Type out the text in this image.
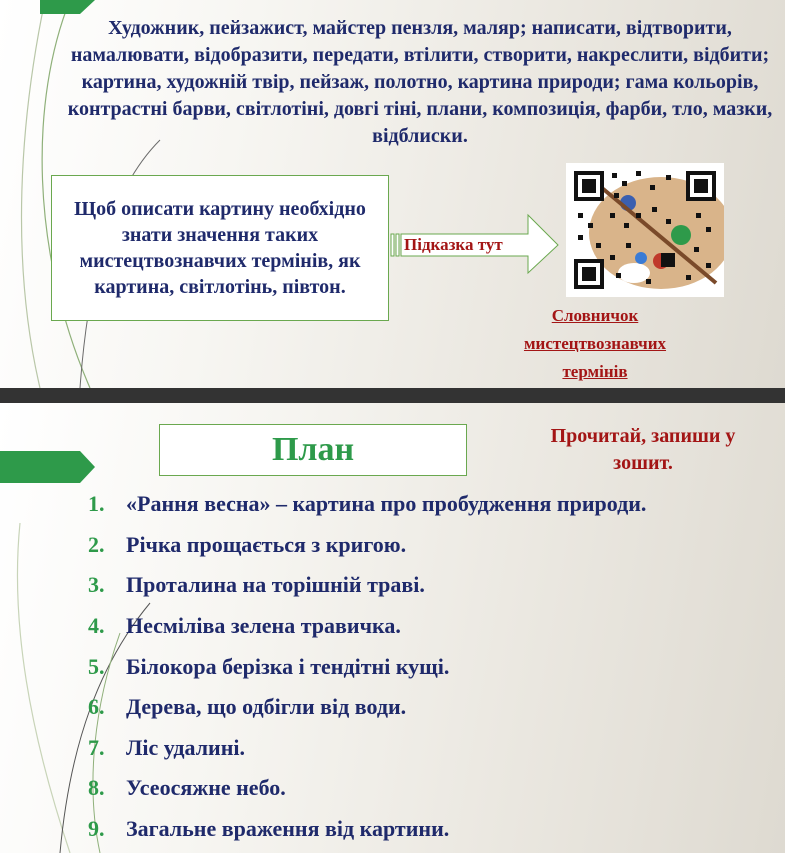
Художник, пейзажист, майстер пензля, маляр; написати, відтворити, намалювати, відобразити, передати, втілити, створити, накреслити, відбити; картина, художній твір, пейзаж, полотно, картина природи; гама кольорів, контрастні барви, світлотіні, довгі тіні, плани, композиція, фарби, тло, мазки, відблиски.
Щоб описати картину необхідно знати значення таких мистецтвознавчих термінів, як картина, світлотінь, півтон.
Підказка тут
Словничок мистецтвознавчих термінів
План	Прочитай, запиши у зошит.
1. «Рання весна» – картина про пробудження природи.
2. Річка прощається з кригою.
3. Проталина на торішній траві.
4. Несміліва зелена травичка.
5. Білокора берізка і тендітні кущі.
6. Дерева, що одбігли від води.
7. Ліс удалині.
8. Усеосяжне небо.
9. Загальне враження від картини.
